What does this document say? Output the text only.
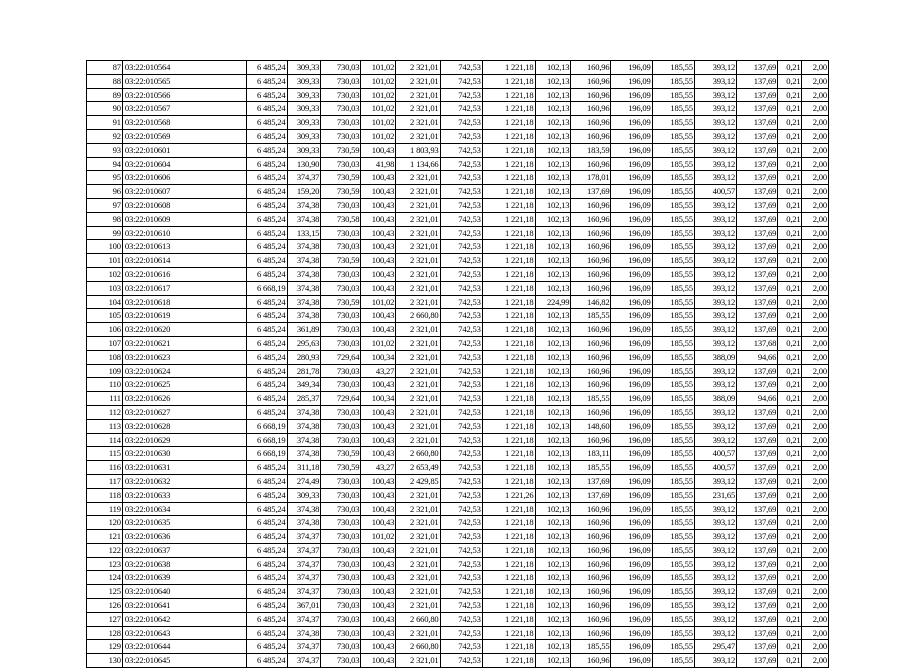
87	03:22:010564	6 485,24	309,33	730,03	101,02	2 321,01	742,53	1 221,18	102,13	160,96	196,09	185,55	393,12	137,69	0,21	2,00
88	03:22:010565	6 485,24	309,33	730,03	101,02	2 321,01	742,53	1 221,18	102,13	160,96	196,09	185,55	393,12	137,69	0,21	2,00
89	03:22:010566	6 485,24	309,33	730,03	101,02	2 321,01	742,53	1 221,18	102,13	160,96	196,09	185,55	393,12	137,69	0,21	2,00
90	03:22:010567	6 485,24	309,33	730,03	101,02	2 321,01	742,53	1 221,18	102,13	160,96	196,09	185,55	393,12	137,69	0,21	2,00
91	03:22:010568	6 485,24	309,33	730,03	101,02	2 321,01	742,53	1 221,18	102,13	160,96	196,09	185,55	393,12	137,69	0,21	2,00
92	03:22:010569	6 485,24	309,33	730,03	101,02	2 321,01	742,53	1 221,18	102,13	160,96	196,09	185,55	393,12	137,69	0,21	2,00
93	03:22:010601	6 485,24	309,33	730,59	100,43	1 803,93	742,53	1 221,18	102,13	183,59	196,09	185,55	393,12	137,69	0,21	2,00
94	03:22:010604	6 485,24	130,90	730,03	41,98	1 134,66	742,53	1 221,18	102,13	160,96	196,09	185,55	393,12	137,69	0,21	2,00
95	03:22:010606	6 485,24	374,37	730,59	100,43	2 321,01	742,53	1 221,18	102,13	178,01	196,09	185,55	393,12	137,69	0,21	2,00
96	03:22:010607	6 485,24	159,20	730,59	100,43	2 321,01	742,53	1 221,18	102,13	137,69	196,09	185,55	400,57	137,69	0,21	2,00
97	03:22:010608	6 485,24	374,38	730,03	100,43	2 321,01	742,53	1 221,18	102,13	160,96	196,09	185,55	393,12	137,69	0,21	2,00
98	03:22:010609	6 485,24	374,38	730,58	100,43	2 321,01	742,53	1 221,18	102,13	160,96	196,09	185,55	393,12	137,69	0,21	2,00
99	03:22:010610	6 485,24	133,15	730,03	100,43	2 321,01	742,53	1 221,18	102,13	160,96	196,09	185,55	393,12	137,69	0,21	2,00
100	03:22:010613	6 485,24	374,38	730,03	100,43	2 321,01	742,53	1 221,18	102,13	160,96	196,09	185,55	393,12	137,69	0,21	2,00
101	03:22:010614	6 485,24	374,38	730,59	100,43	2 321,01	742,53	1 221,18	102,13	160,96	196,09	185,55	393,12	137,69	0,21	2,00
102	03:22:010616	6 485,24	374,38	730,03	100,43	2 321,01	742,53	1 221,18	102,13	160,96	196,09	185,55	393,12	137,69	0,21	2,00
103	03:22:010617	6 668,19	374,38	730,03	100,43	2 321,01	742,53	1 221,18	102,13	160,96	196,09	185,55	393,12	137,69	0,21	2,00
104	03:22:010618	6 485,24	374,38	730,59	101,02	2 321,01	742,53	1 221,18	224,99	146,82	196,09	185,55	393,12	137,69	0,21	2,00
105	03:22:010619	6 485,24	374,38	730,03	100,43	2 660,80	742,53	1 221,18	102,13	185,55	196,09	185,55	393,12	137,69	0,21	2,00
106	03:22:010620	6 485,24	361,89	730,03	100,43	2 321,01	742,53	1 221,18	102,13	160,96	196,09	185,55	393,12	137,69	0,21	2,00
107	03:22:010621	6 485,24	295,63	730,03	101,02	2 321,01	742,53	1 221,18	102,13	160,96	196,09	185,55	393,12	137,68	0,21	2,00
108	03:22:010623	6 485,24	280,93	729,64	100,34	2 321,01	742,53	1 221,18	102,13	160,96	196,09	185,55	388,09	94,66	0,21	2,00
109	03:22:010624	6 485,24	281,78	730,03	43,27	2 321,01	742,53	1 221,18	102,13	160,96	196,09	185,55	393,12	137,69	0,21	2,00
110	03:22:010625	6 485,24	349,34	730,03	100,43	2 321,01	742,53	1 221,18	102,13	160,96	196,09	185,55	393,12	137,69	0,21	2,00
111	03:22:010626	6 485,24	285,37	729,64	100,34	2 321,01	742,53	1 221,18	102,13	185,55	196,09	185,55	388,09	94,66	0,21	2,00
112	03:22:010627	6 485,24	374,38	730,03	100,43	2 321,01	742,53	1 221,18	102,13	160,96	196,09	185,55	393,12	137,69	0,21	2,00
113	03:22:010628	6 668,19	374,38	730,03	100,43	2 321,01	742,53	1 221,18	102,13	148,60	196,09	185,55	393,12	137,69	0,21	2,00
114	03:22:010629	6 668,19	374,38	730,03	100,43	2 321,01	742,53	1 221,18	102,13	160,96	196,09	185,55	393,12	137,69	0,21	2,00
115	03:22:010630	6 668,19	374,38	730,59	100,43	2 660,80	742,53	1 221,18	102,13	183,11	196,09	185,55	400,57	137,69	0,21	2,00
116	03:22:010631	6 485,24	311,18	730,59	43,27	2 653,49	742,53	1 221,18	102,13	185,55	196,09	185,55	400,57	137,69	0,21	2,00
117	03:22:010632	6 485,24	274,49	730,03	100,43	2 429,85	742,53	1 221,18	102,13	137,69	196,09	185,55	393,12	137,69	0,21	2,00
118	03:22:010633	6 485,24	309,33	730,03	100,43	2 321,01	742,53	1 221,26	102,13	137,69	196,09	185,55	231,65	137,69	0,21	2,00
119	03:22:010634	6 485,24	374,38	730,03	100,43	2 321,01	742,53	1 221,18	102,13	160,96	196,09	185,55	393,12	137,69	0,21	2,00
120	03:22:010635	6 485,24	374,38	730,03	100,43	2 321,01	742,53	1 221,18	102,13	160,96	196,09	185,55	393,12	137,69	0,21	2,00
121	03:22:010636	6 485,24	374,37	730,03	101,02	2 321,01	742,53	1 221,18	102,13	160,96	196,09	185,55	393,12	137,69	0,21	2,00
122	03:22:010637	6 485,24	374,37	730,03	100,43	2 321,01	742,53	1 221,18	102,13	160,96	196,09	185,55	393,12	137,69	0,21	2,00
123	03:22:010638	6 485,24	374,37	730,03	100,43	2 321,01	742,53	1 221,18	102,13	160,96	196,09	185,55	393,12	137,69	0,21	2,00
124	03:22:010639	6 485,24	374,37	730,03	100,43	2 321,01	742,53	1 221,18	102,13	160,96	196,09	185,55	393,12	137,69	0,21	2,00
125	03:22:010640	6 485,24	374,37	730,03	100,43	2 321,01	742,53	1 221,18	102,13	160,96	196,09	185,55	393,12	137,69	0,21	2,00
126	03:22:010641	6 485,24	367,01	730,03	100,43	2 321,01	742,53	1 221,18	102,13	160,96	196,09	185,55	393,12	137,69	0,21	2,00
127	03:22:010642	6 485,24	374,37	730,03	100,43	2 660,80	742,53	1 221,18	102,13	160,96	196,09	185,55	393,12	137,69	0,21	2,00
128	03:22:010643	6 485,24	374,38	730,03	100,43	2 321,01	742,53	1 221,18	102,13	160,96	196,09	185,55	393,12	137,69	0,21	2,00
129	03:22:010644	6 485,24	374,37	730,03	100,43	2 660,80	742,53	1 221,18	102,13	185,55	196,09	185,55	295,47	137,69	0,21	2,00
130	03:22:010645	6 485,24	374,37	730,03	100,43	2 321,01	742,53	1 221,18	102,13	160,96	196,09	185,55	393,12	137,69	0,21	2,00
